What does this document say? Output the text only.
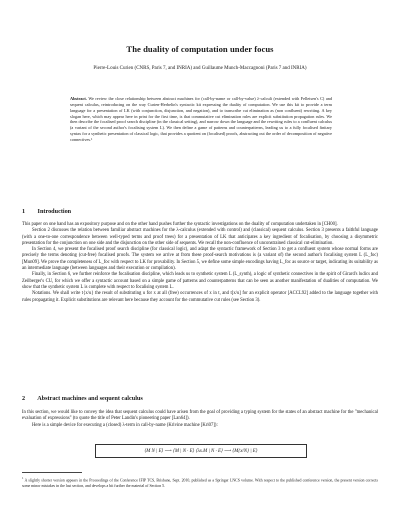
The duality of computation under focus
Pierre-Louis Curien (CNRS, Paris 7, and INRIA) and Guillaume Munch-Maccagnoni (Paris 7 and INRIA)
Abstract. We review the close relationship between abstract machines for (call-by-name or call-by-value) λ-calculi (extended with Felleisen's C) and sequent calculus, reintroducing on the way Curien-Herbelin's syntactic kit expressing the duality of computation. We use this kit to provide a term language for a presentation of LK (with conjunction, disjunction, and negation), and to transcribe cut elimination as (non confluent) rewriting. A key slogan here, which may appear here in print for the first time, is that commutative cut elimination rules are explicit substitution propagation rules. We then describe the focalised proof search discipline (in the classical setting), and narrow down the language and the rewriting rules to a confluent calculus (a variant of the second author's focalising system L). We then define a game of patterns and counterpatterns, leading us to a fully focalised finitary syntax for a synthetic presentation of classical logic, that provides a quotient on (focalised) proofs, abstracting out the order of decomposition of negative connectives.¹
1 Introduction

This paper on one hand has an expository purpose and on the other hand pushes further the syntactic investigations on the duality of computation undertaken in [CH00].

Section 2 discusses the relation between familiar abstract machines for the λ-calculus (extended with control) and (classical) sequent calculus. Section 3 presents a faithful language (with a one-to-one correspondence between well-typed terms and proof trees) for a presentation of LK that anticipates a key ingredient of focalisation, by choosing a disymmetric presentation for the conjunction on one side and the disjunction on the other side of sequents. We recall the non-confluence of unconstrained classical cut-elimination.

In Section 4, we present the focalised proof search discipline (for classical logic), and adapt the syntactic framework of Section 3 to get a confluent system whose normal forms are precisely the terms denoting (cut-free) focalised proofs. The system we arrive at from these proof-search motivations is (a variant of) the second author's focalising system L (L_foc) [Mun09]. We prove the completeness of L_foc with respect to LK for provability. In Section 5, we define some simple encodings having L_foc as source or target, indicating its suitability as an intermediate language (between languages and their execution or compilation).

Finally, in Section 6, we further reinforce the focalisation discipline, which leads us to synthetic system L (L_synth), a logic of synthetic connectives in the spirit of Girard's ludics and Zeilberger's CU, for which we offer a syntactic account based on a simple game of patterns and counterpatterns that can be seen as another manifestation of dualities of computation. We show that the synthetic system L is complete with respect to focalising system L.

Notations. We shall write t{x/u} the result of substituting u for x at all (free) occurrences of x in t, and t[x/u] for an explicit operator [ACCL92] added to the language together with rules propagating it. Explicit substitutions are relevant here because they account for the commutative cut rules (see Section 3).

2 Abstract machines and sequent calculus

In this section, we would like to convey the idea that sequent calculus could have arisen from the goal of providing a typing system for the states of an abstract machine for the "mechanical evaluation of expressions" (to quote the title of Peter Landin's pioneering paper [Lan64]).

Here is a simple device for executing a (closed) λ-term in call-by-name (Krivine machine [Kri07]):

⟨M N | E⟩ ⟶ ⟨M | N · E⟩ ⟨λx.M | N · E⟩ ⟶ ⟨M{x/N} | E⟩
$^1$ A slightly shorter version appears in the Proceedings of the Conference IFIP TCS, Brisbane, Sept. 2010, published as a Springer LNCS volume. With respect to the published conference version, the present version corrects some minor mistakes in the last section, and develops a bit further the material of Section 5.
